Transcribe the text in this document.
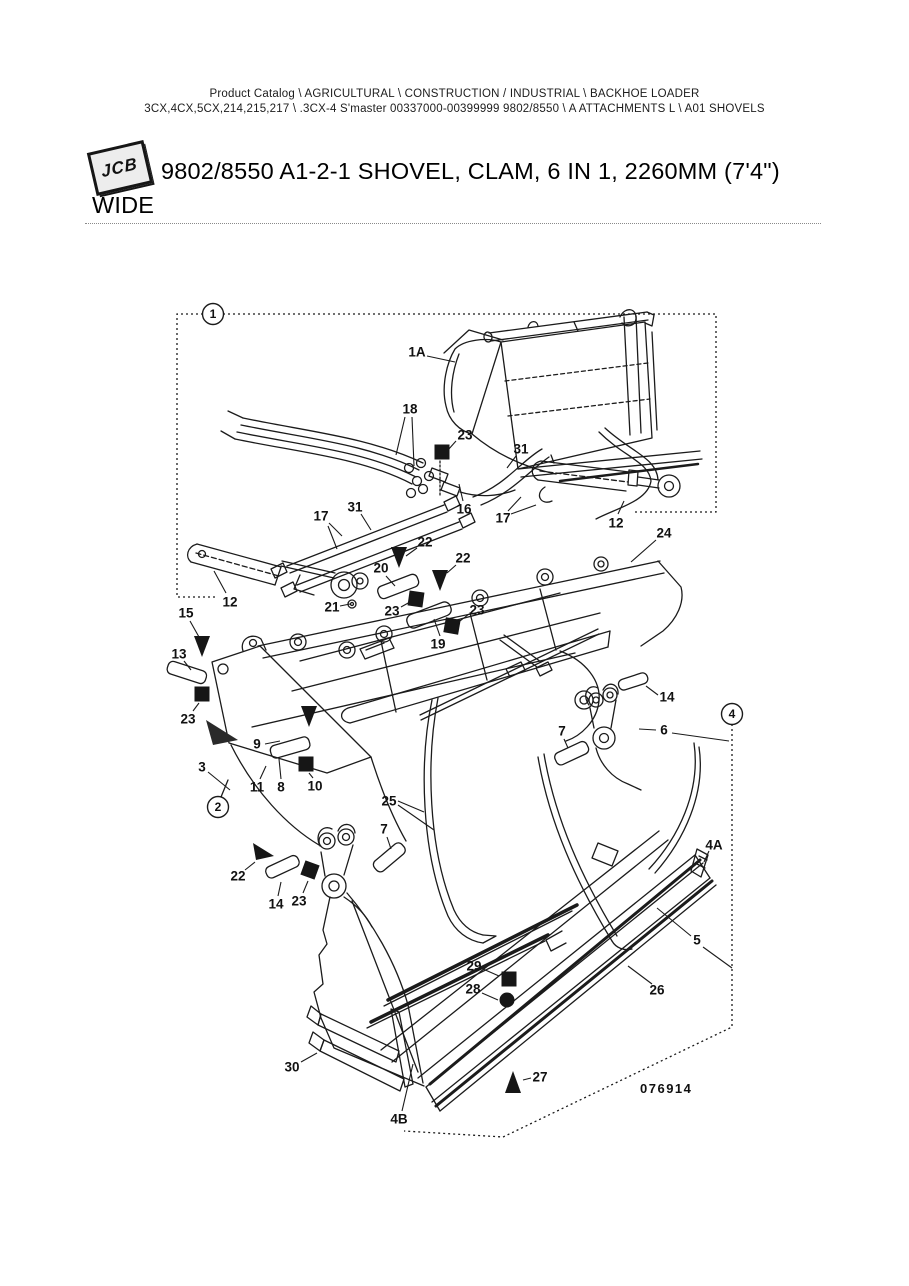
Product Catalog \ AGRICULTURAL \ CONSTRUCTION / INDUSTRIAL \ BACKHOE LOADER
3CX,4CX,5CX,214,215,217 \ .3CX-4 S'master 00337000-00399999 9802/8550 \ A ATTACHMENTS L \ A01 SHOVELS
JCB 9802/8550 A1-2-1 SHOVEL, CLAM, 6 IN 1, 2260MM (7'4")
WIDE
1A
18
23
31
16
17
31
17	12
24
12
22
20
21	23
22
23
19
15
13
23
3
9
11 8 10
25
7
14
6
22
14 23
7
4A
5
26
29
28
27
30
4B
1
2
4
076914
